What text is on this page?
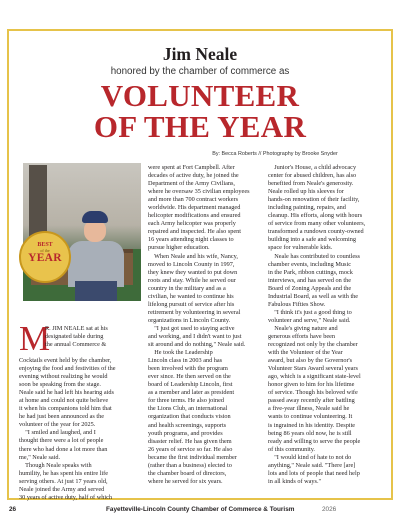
Jim Neale
honored by the chamber of commerce as
VOLUNTEER
OF THE YEAR
By: Becca Roberts // Photography by Brooke Snyder
BEST
of the
YEAR
M
R. JIM NEALE sat at his
designated table during
the annual Commerce &
Cocktails event held by the chamber,
enjoying the food and festivities of the
evening without realizing he would
soon be speaking from the stage.
Neale said he had left his hearing aids
at home and could not quite believe
it when his companions told him that
he had just been announced as the
volunteer of the year for 2025.
"I smiled and laughed, and I
thought there were a lot of people
there who had done a lot more than
me," Neale said.
Though Neale speaks with
humility, he has spent his entire life
serving others. At just 17 years old,
Neale joined the Army and served
30 years of active duty, half of which
were spent at Fort Campbell. After
decades of active duty, he joined the
Department of the Army Civilians,
where he oversaw 35 civilian employees
and more than 700 contract workers
worldwide. His department managed
helicopter modifications and ensured
each Army helicopter was properly
repaired and inspected. He also spent
16 years attending night classes to
pursue higher education.
When Neale and his wife, Nancy,
moved to Lincoln County in 1997,
they knew they wanted to put down
roots and stay. While he served our
country in the military and as a
civilian, he wanted to continue his
lifelong pursuit of service after his
retirement by volunteering in several
organizations in Lincoln County.
"I just got used to staying active
and working, and I didn't want to just
sit around and do nothing," Neale said.
He took the Leadership
Lincoln class in 2003 and has
been involved with the program
ever since. He then served on the
board of Leadership Lincoln, first
as a member and later as president
for three terms. He also joined
the Lions Club, an international
organization that conducts vision
and health screenings, supports
youth programs, and provides
disaster relief. He has given them
26 years of service so far. He also
became the first individual member
(rather than a business) elected to
the chamber board of directors,
where he served for six years.
Junior's House, a child advocacy
center for abused children, has also
benefited from Neale's generosity.
Neale rolled up his sleeves for
hands-on renovation of their facility,
including painting, repairs, and
cleanup. His efforts, along with hours
of service from many other volunteers,
transformed a rundown county-owned
building into a safe and welcoming
space for vulnerable kids.
Neale has contributed to countless
chamber events, including Music
in the Park, ribbon cuttings, mock
interviews, and has served on the
Board of Zoning Appeals and the
Industrial Board, as well as with the
Fabulous Fifties Show.
"I think it's just a good thing to
volunteer and serve," Neale said.
Neale's giving nature and
generous efforts have been
recognized not only by the chamber
with the Volunteer of the Year
award, but also by the Governor's
Volunteer Stars Award several years
ago, which is a significant state-level
honor given to him for his lifetime
of service. Though his beloved wife
passed away recently after battling
a five-year illness, Neale said he
wants to continue volunteering. It
is ingrained in his identity. Despite
being 86 years old now, he is still
ready and willing to serve the people
of this community.
"I would kind of hate to not do
anything," Neale said. "There [are]
lots and lots of people that need help
in all kinds of ways."
26	Fayetteville-Lincoln County Chamber of Commerce & Tourism	2026
